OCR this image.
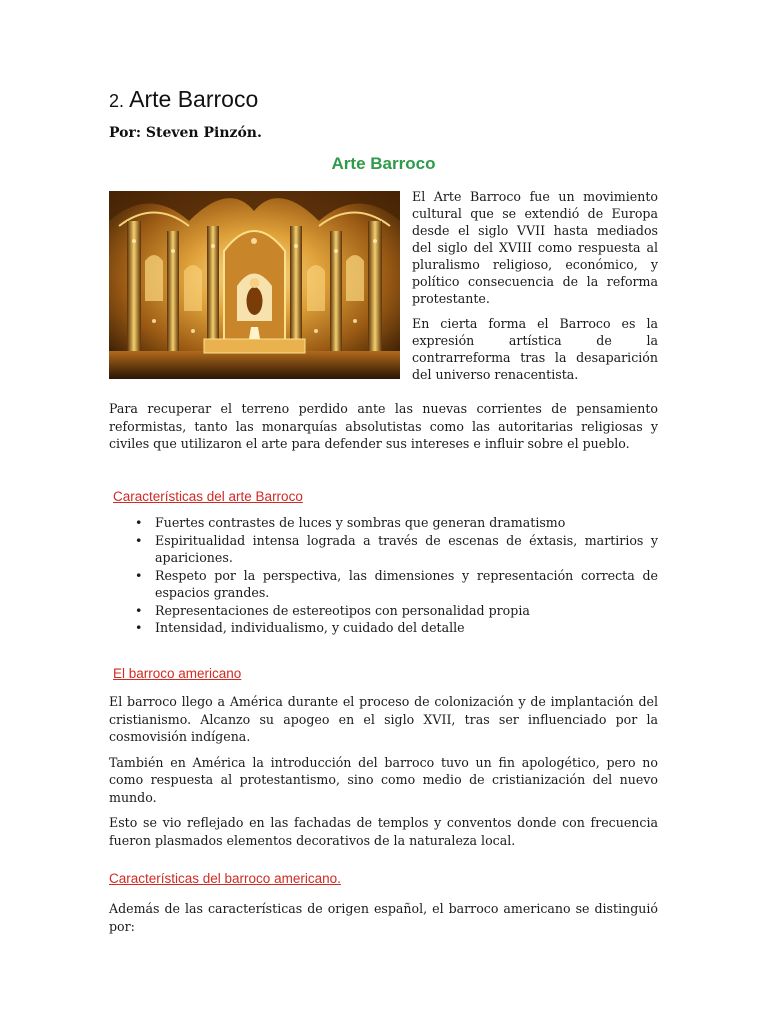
2. Arte Barroco
Por: Steven Pinzón.
Arte Barroco

El Arte Barroco fue un movimiento cultural que se extendió de Europa desde el siglo VVII hasta mediados del siglo del XVIII como respuesta al pluralismo religioso, económico, y político consecuencia de la reforma protestante.

En cierta forma el Barroco es la expresión artística de la contrarreforma tras la desaparición del universo renacentista.

Para recuperar el terreno perdido ante las nuevas corrientes de pensamiento reformistas, tanto las monarquías absolutistas como las autoritarias religiosas y civiles que utilizaron el arte para defender sus intereses e influir sobre el pueblo.

Características del arte Barroco
• Fuertes contrastes de luces y sombras que generan dramatismo
• Espiritualidad intensa lograda a través de escenas de éxtasis, martirios y apariciones.
• Respeto por la perspectiva, las dimensiones y representación correcta de espacios grandes.
• Representaciones de estereotipos con personalidad propia
• Intensidad, individualismo, y cuidado del detalle
El barroco americano

El barroco llego a América durante el proceso de colonización y de implantación del cristianismo. Alcanzo su apogeo en el siglo XVII, tras ser influenciado por la cosmovisión indígena.

También en América la introducción del barroco tuvo un fin apologético, pero no como respuesta al protestantismo, sino como medio de cristianización del nuevo mundo.

Esto se vio reflejado en las fachadas de templos y conventos donde con frecuencia fueron plasmados elementos decorativos de la naturaleza local.

Características del barroco americano.

Además de las características de origen español, el barroco americano se distinguió por:
